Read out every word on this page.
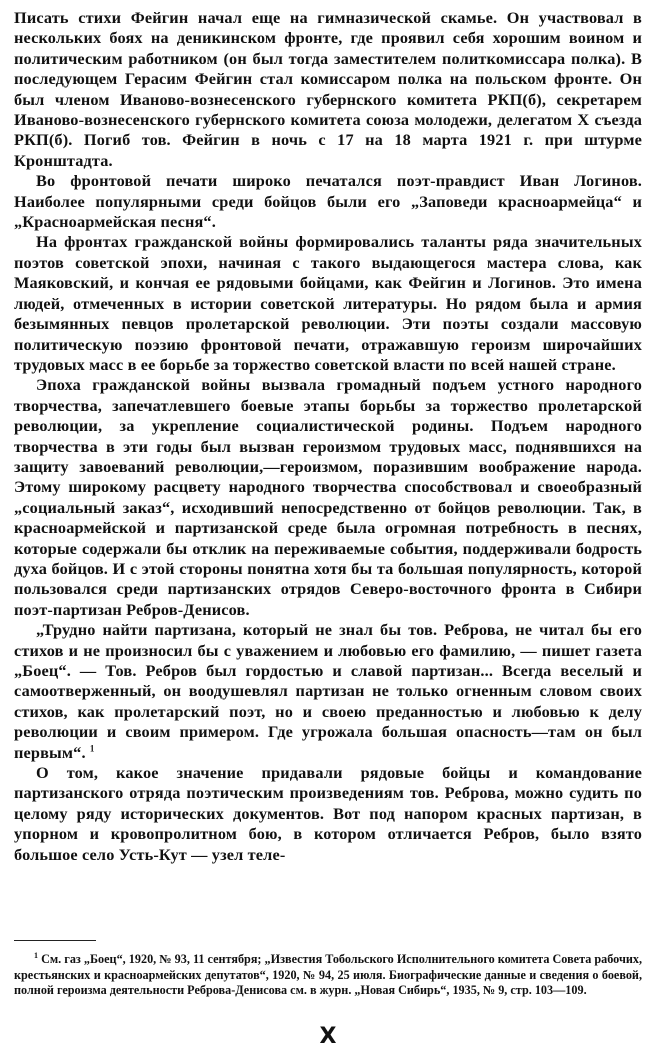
Писать стихи Фейгин начал еще на гимназической скамье. Он участвовал в нескольких боях на деникинском фронте, где проявил себя хорошим воином и политическим работником (он был тогда заместителем политкомиссара полка). В последующем Герасим Фейгин стал комиссаром полка на польском фронте. Он был членом Иваново-вознесенского губернского комитета РКП(б), секретарем Иваново-вознесенского губернского комитета союза молодежи, делегатом X съезда РКП(б). Погиб тов. Фейгин в ночь с 17 на 18 марта 1921 г. при штурме Кронштадта.

Во фронтовой печати широко печатался поэт-правдист Иван Логинов. Наиболее популярными среди бойцов были его „Заповеди красноармейца“ и „Красноармейская песня“.

На фронтах гражданской войны формировались таланты ряда значительных поэтов советской эпохи, начиная с такого выдающегося мастера слова, как Маяковский, и кончая ее рядовыми бойцами, как Фейгин и Логинов. Это имена людей, отмеченных в истории советской литературы. Но рядом была и армия безымянных певцов пролетарской революции. Эти поэты создали массовую политическую поэзию фронтовой печати, отражавшую героизм широчайших трудовых масс в ее борьбе за торжество советской власти по всей нашей стране.

Эпоха гражданской войны вызвала громадный подъем устного народного творчества, запечатлевшего боевые этапы борьбы за торжество пролетарской революции, за укрепление социалистической родины. Подъем народного творчества в эти годы был вызван героизмом трудовых масс, поднявшихся на защиту завоеваний революции,—героизмом, поразившим воображение народа. Этому широкому расцвету народного творчества способствовал и своеобразный „социальный заказ“, исходивший непосредственно от бойцов революции. Так, в красноармейской и партизанской среде была огромная потребность в песнях, которые содержали бы отклик на переживаемые события, поддерживали бодрость духа бойцов. И с этой стороны понятна хотя бы та большая популярность, которой пользовался среди партизанских отрядов Северо-восточного фронта в Сибири поэт-партизан Ребров-Денисов.

„Трудно найти партизана, который не знал бы тов. Реброва, не читал бы его стихов и не произносил бы с уважением и любовью его фамилию, — пишет газета „Боец“. — Тов. Ребров был гордостью и славой партизан... Всегда веселый и самоотверженный, он воодушевлял партизан не только огненным словом своих стихов, как пролетарский поэт, но и своею преданностью и любовью к делу революции и своим примером. Где угрожала большая опасность—там он был первым“. $^1$

О том, какое значение придавали рядовые бойцы и командование партизанского отряда поэтическим произведениям тов. Реброва, можно судить по целому ряду исторических документов. Вот под напором красных партизан, в упорном и кровопролитном бою, в котором отличается Ребров, было взято большое село Усть-Кут — узел теле-

$^1$ См. газ „Боец“, 1920, № 93, 11 сентября; „Известия Тобольского Исполнительного комитета Совета рабочих, крестьянских и красноармейских депутатов“, 1920, № 94, 25 июля. Биографические данные и сведения о боевой, полной героизма деятельности Реброва-Денисова см. в журн. „Новая Сибирь“, 1935, № 9, стр. 103—109.
X
